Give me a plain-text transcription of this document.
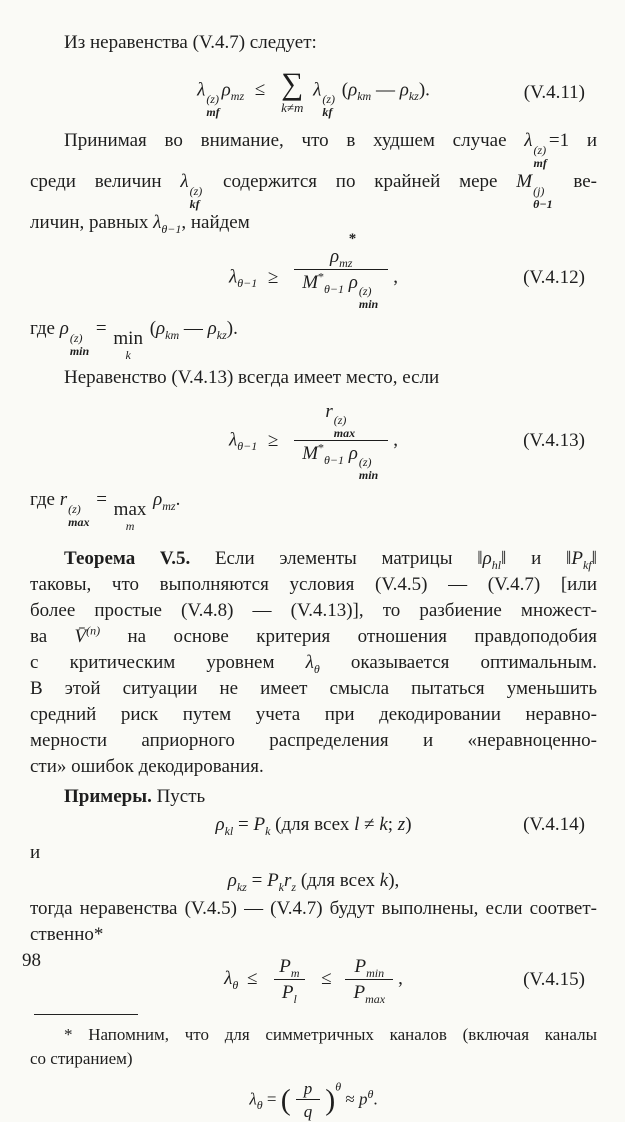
Из неравенства (V.4.7) следует:
λ (z)
mf
$\rho_{mz}$ ≤ ∑
k≠m
λ (z)
kf
($\rho_{km}$ — $\rho_{kz}$).	(V.4.11)
Принимая во внимание, что в худшем случае λ (z)
mf
=1 и
среди величин λ (z)
kf
содержится по крайней мере M (j)
θ−1
ве-
личин, равных $\lambda_{\theta-1}$, найдем
$\lambda_{\theta-1}$ ≥
*
$\rho_{mz}$
$M^*_{\theta-1}$ ρ (z)
min
,	(V.4.12)
где ρ (z)
min
= min
k
($\rho_{km}$ — $\rho_{kz}$).
Неравенство (V.4.13) всегда имеет место, если
$\lambda_{\theta-1} \ge r$ (z)
max
$M^*_{\theta-1}$ ρ (z)
min ,	(V.4.13)
где r (z)
max
= max
m
$\rho_{mz}$.
Теорема V.5. Если элементы матрицы $‖\rho_{hl}‖$ и $‖P_{kf}‖$
таковы, что выполняются условия (V.4.5) — (V.4.7) [или
более простые (V.4.8) — (V.4.13)], то разбиение множест-
ва V̄$^{(n)}$ на основе критерия отношения правдоподобия
с критическим уровнем $\lambda_\theta$ оказывается оптимальным.
В этой ситуации не имеет смысла пытаться уменьшить
средний риск путем учета при декодировании неравно-
мерности априорного распределения и «неравноценно-
сти» ошибок декодирования.
Примеры. Пусть
$\rho_{kl} = P_k$ (для всех l ≠ k; z)	(V.4.14)
и
$\rho_{kz} = P_kr_z$ (для всех k),
тогда неравенства (V.4.5) — (V.4.7) будут выполнены, если соответ-
ственно*
$\lambda_\theta \le \frac{P_m}{P_l} \le \frac{P_{min}}{P_{max}}$ ,	(V.4.15)
* Напомним, что для симметричных каналов (включая каналы
со стиранием)
$\lambda_\theta$ = ( $\frac{p}{q} )^\theta \approx p^\theta$.
98
